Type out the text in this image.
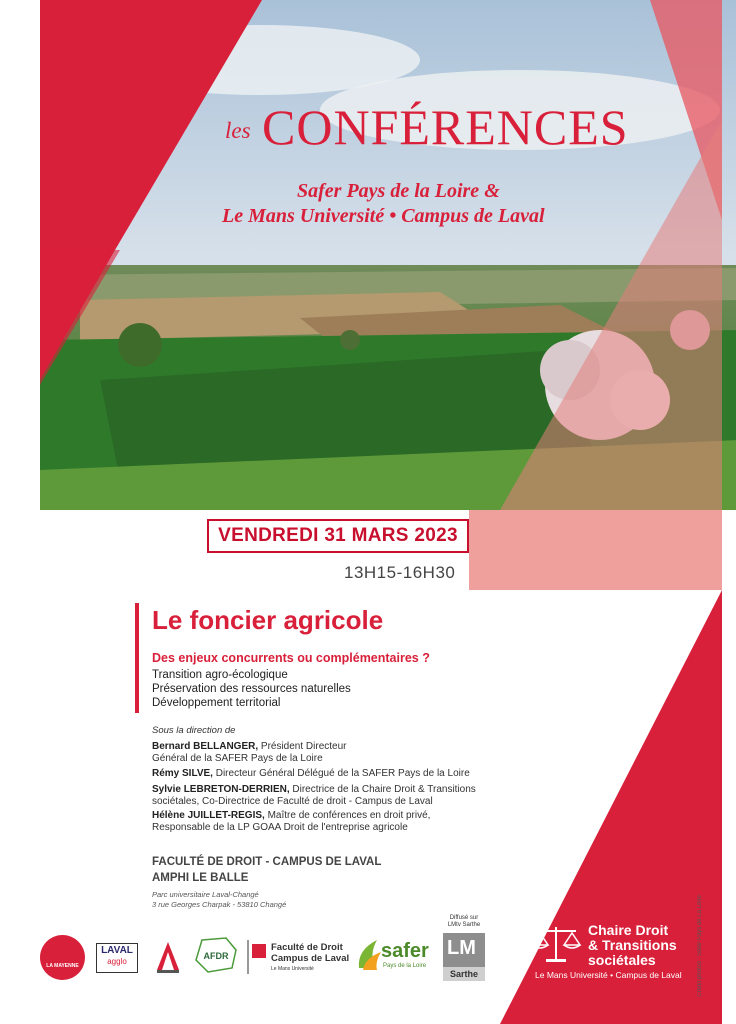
les CONFÉRENCES
Safer Pays de la Loire &
Le Mans Université • Campus de Laval
VENDREDI 31 MARS 2023
13H15-16H30
Le foncier agricole
Des enjeux concurrents ou complémentaires ?
Transition agro-écologique
Préservation des ressources naturelles
Développement territorial
Sous la direction de
Bernard BELLANGER, Président Directeur Général de la SAFER Pays de la Loire
Rémy SILVE, Directeur Général Délégué de la SAFER Pays de la Loire
Sylvie LEBRETON-DERRIEN, Directrice de la Chaire Droit & Transitions sociétales, Co-Directrice de Faculté de droit - Campus de Laval
Hélène JUILLET-REGIS, Maître de conférences en droit privé, Responsable de la LP GOAA Droit de l'entreprise agricole
FACULTÉ DE DROIT - CAMPUS DE LAVAL
AMPHI LE BALLE
Parc universitaire Laval-Changé
3 rue Georges Charpak - 53810 Changé
LA MAYENNE
LAVAL
agglo
AFDR
Faculté de Droit
Campus de Laval
Le Mans Université
safer
Pays de la Loire
Diffusé sur
LMtv Sarthe
LM
Sarthe
Chaire Droit
& Transitions
sociétales
Le Mans Université • Campus de Laval	Crédit photos : Safer Pays de La Loire
